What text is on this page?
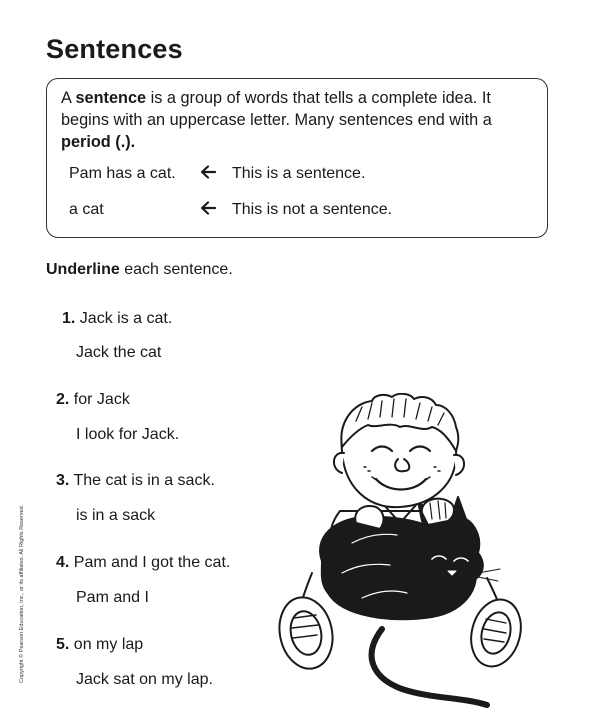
Sentences

A sentence is a group of words that tells a complete idea. It begins with an uppercase letter. Many sentences end with a period (.).

Pam has a cat.	This is a sentence.
a cat	This is not a sentence.

Underline each sentence.

1. Jack is a cat.
Jack the cat
2. for Jack
I look for Jack.
3. The cat is in a sack.
is in a sack
4. Pam and I got the cat.
Pam and I
5. on my lap
Jack sat on my lap.
Copyright © Pearson Education, Inc., or its affiliates. All Rights Reserved.
